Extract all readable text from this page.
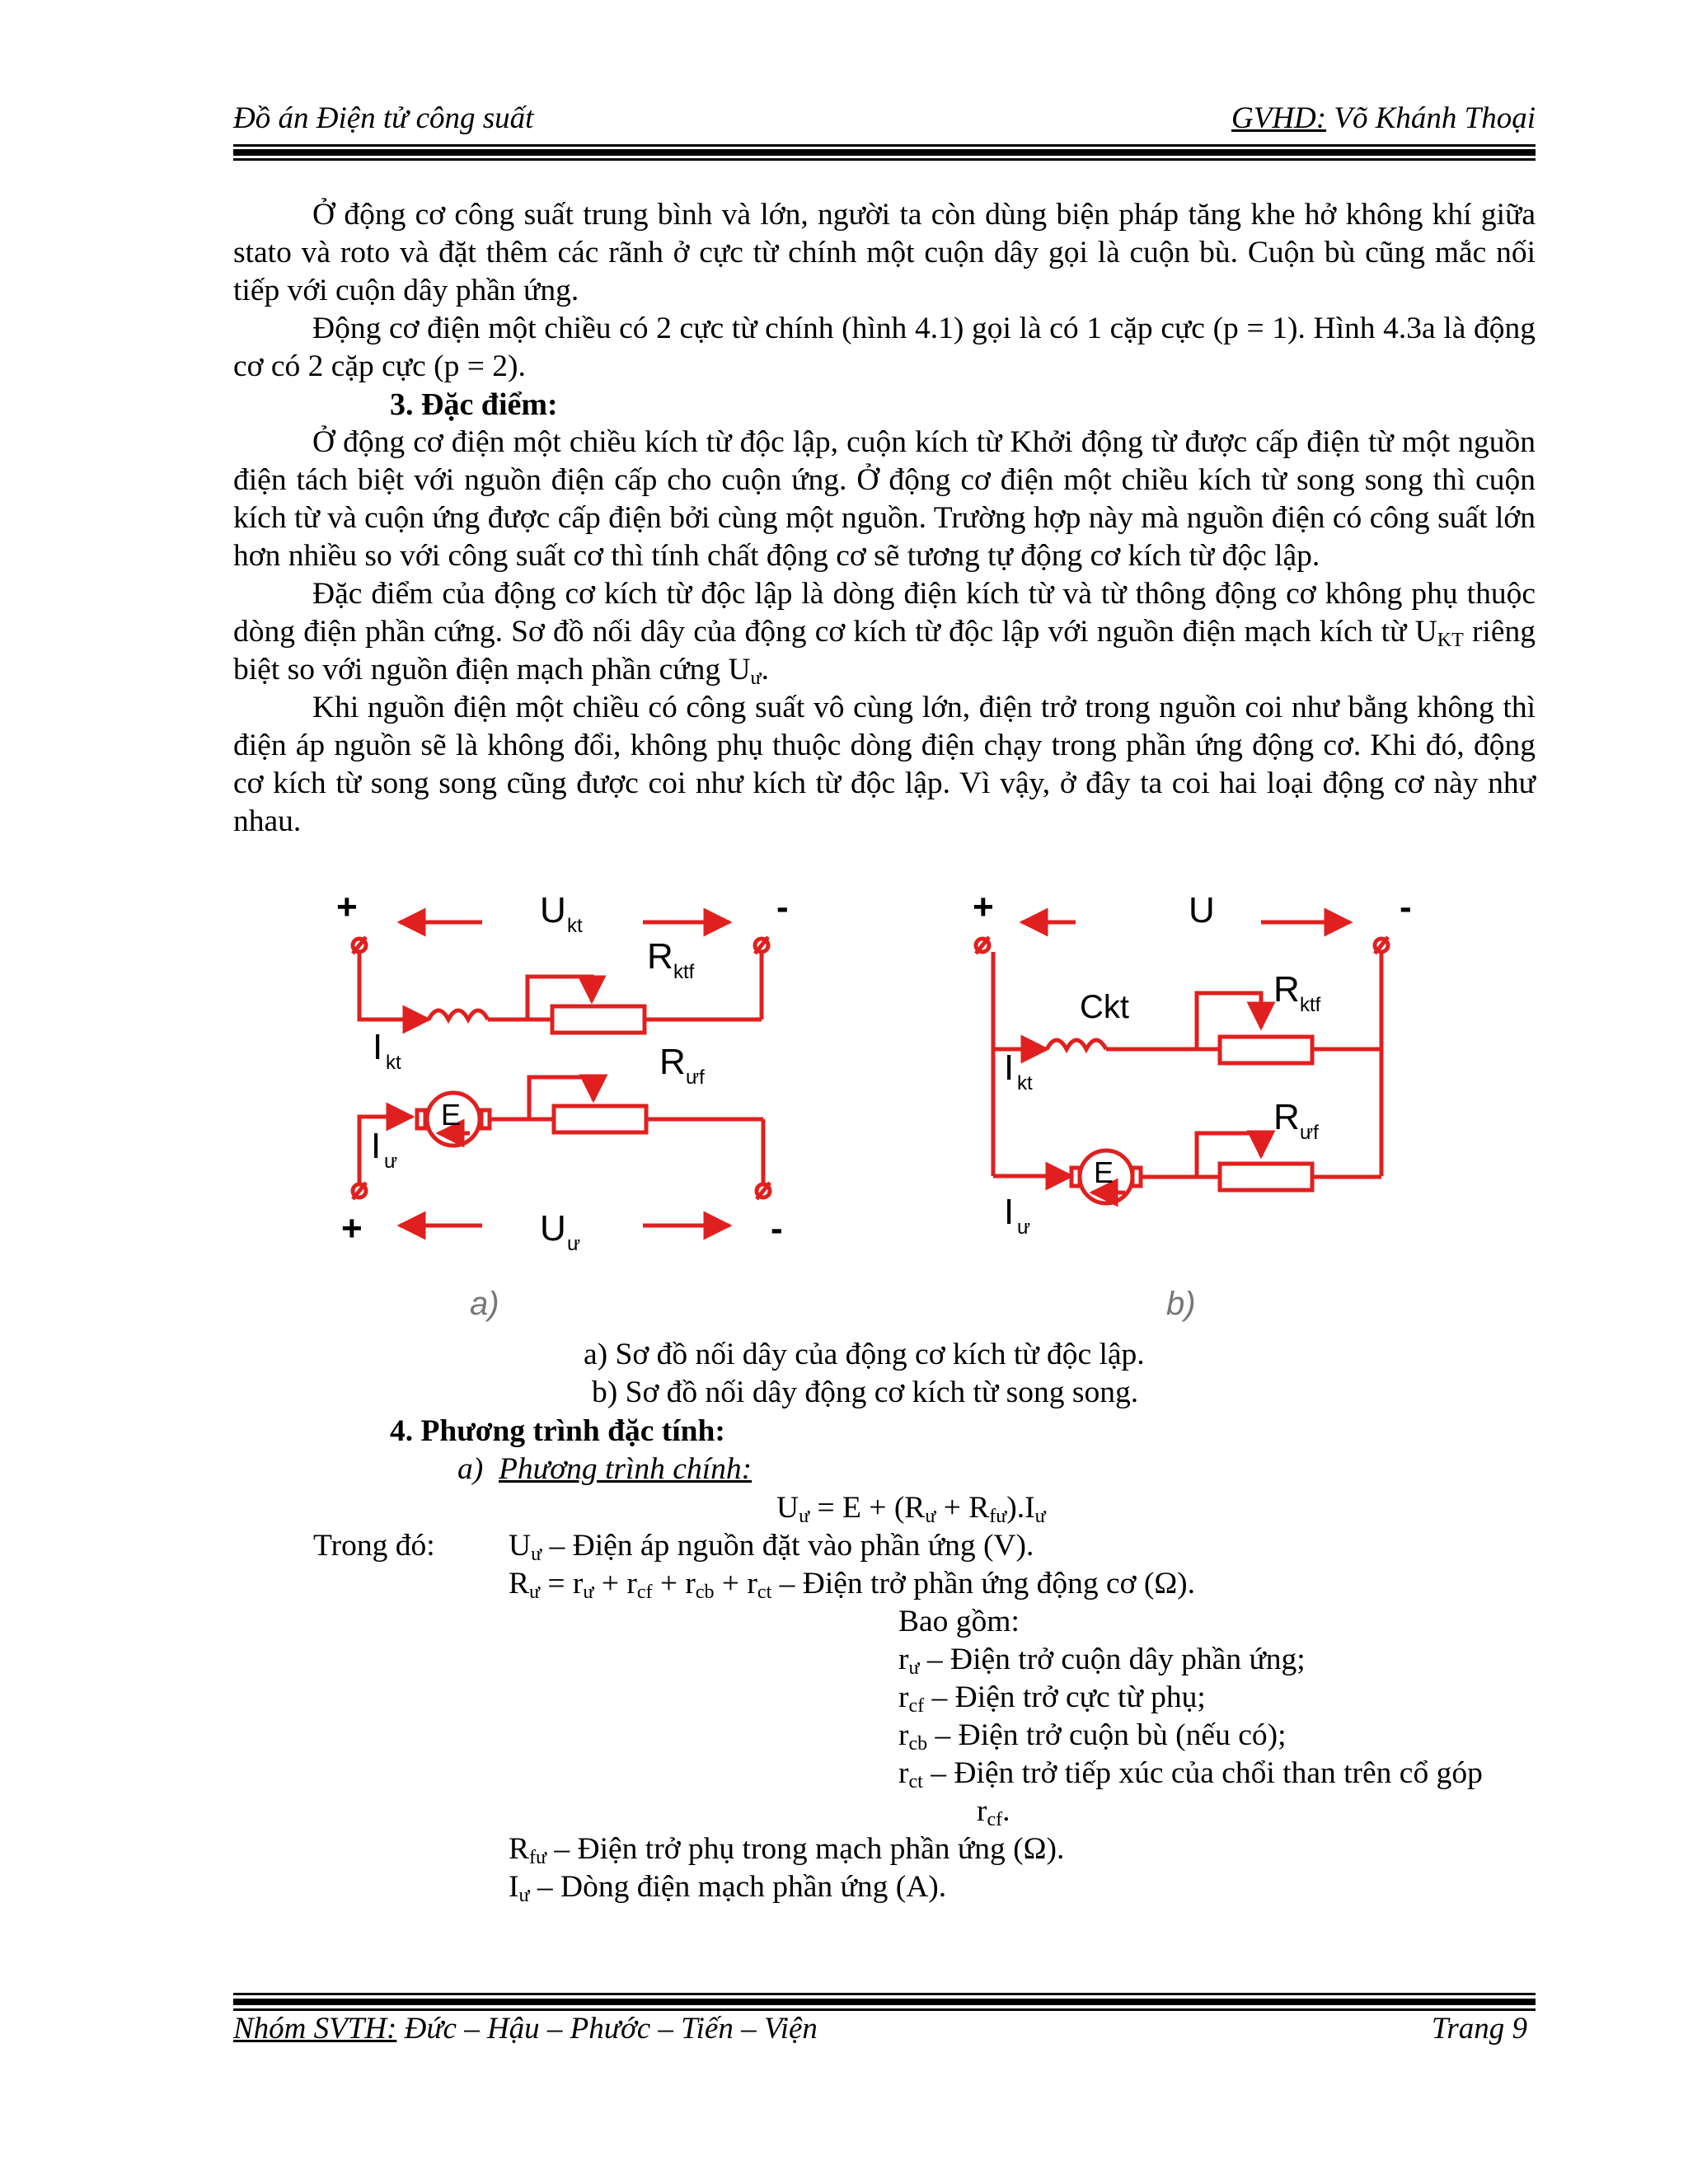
Đồ án Điện tử công suất	GVHD: Võ Khánh Thoại

Ở động cơ công suất trung bình và lớn, người ta còn dùng biện pháp tăng khe hở không khí giữa stato và roto và đặt thêm các rãnh ở cực từ chính một cuộn dây gọi là cuộn bù. Cuộn bù cũng mắc nối tiếp với cuộn dây phần ứng.

Động cơ điện một chiều có 2 cực từ chính (hình 4.1) gọi là có 1 cặp cực (p = 1). Hình 4.3a là động cơ có 2 cặp cực (p = 2).

3. Đặc điểm:

Ở động cơ điện một chiều kích từ độc lập, cuộn kích từ Khởi động từ được cấp điện từ một nguồn điện tách biệt với nguồn điện cấp cho cuộn ứng. Ở động cơ điện một chiều kích từ song song thì cuộn kích từ và cuộn ứng được cấp điện bởi cùng một nguồn. Trường hợp này mà nguồn điện có công suất lớn hơn nhiều so với công suất cơ thì tính chất động cơ sẽ tương tự động cơ kích từ độc lập.

Đặc điểm của động cơ kích từ độc lập là dòng điện kích từ và từ thông động cơ không phụ thuộc dòng điện phần cứng. Sơ đồ nối dây của động cơ kích từ độc lập với nguồn điện mạch kích từ $U_{KT}$ riêng biệt so với nguồn điện mạch phần cứng $U_ư$.

Khi nguồn điện một chiều có công suất vô cùng lớn, điện trở trong nguồn coi như bằng không thì điện áp nguồn sẽ là không đổi, không phụ thuộc dòng điện chạy trong phần ứng động cơ. Khi đó, động cơ kích từ song song cũng được coi như kích từ độc lập. Vì vậy, ở đây ta coi hai loại động cơ này như nhau.

+	-
U kt
R ktf
I kt
E
R ưf
I ư
+	-
U ư
a)
+	-
U
Ckt	R ktf
I kt
R ưf
E
I ư
b)
a) Sơ đồ nối dây của động cơ kích từ độc lập.
b) Sơ đồ nối dây động cơ kích từ song song.
4. Phương trình đặc tính:
a) Phương trình chính:
$U_ư = E + (R_ư + R_{fư}).I_ư$
Trong đó: $U_ư$ – Điện áp nguồn đặt vào phần ứng (V).
$R_ư = r_ư + r_{cf} + r_{cb} + r_{ct}$ – Điện trở phần ứng động cơ (Ω).
Bao gồm:
$r_ư$ – Điện trở cuộn dây phần ứng;
$r_{cf}$ – Điện trở cực từ phụ;
$r_{cb}$ – Điện trở cuộn bù (nếu có);
$r_{ct}$ – Điện trở tiếp xúc của chổi than trên cổ góp
$r_{cf}$.
$R_{fư}$ – Điện trở phụ trong mạch phần ứng (Ω).
$I_ư$ – Dòng điện mạch phần ứng (A).
Nhóm SVTH: Đức – Hậu – Phước – Tiến – Viện	Trang 9
